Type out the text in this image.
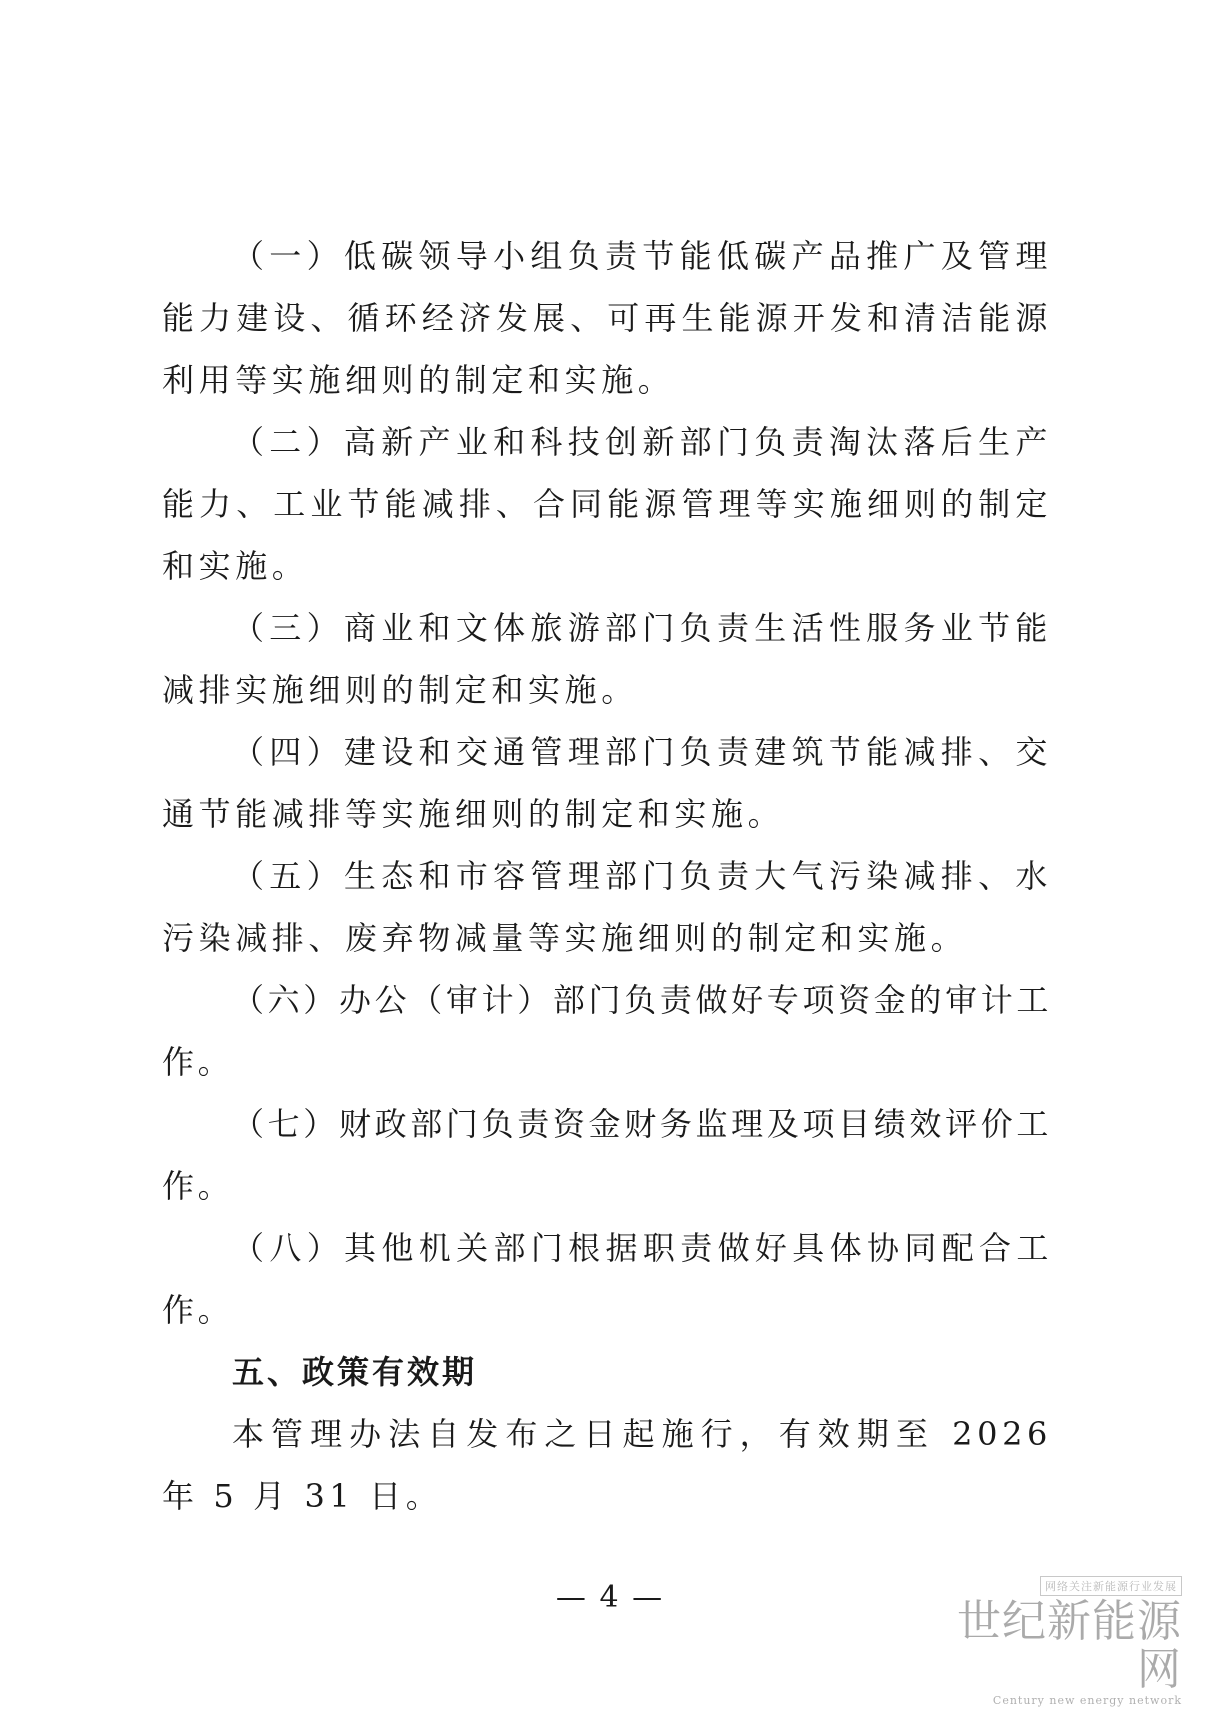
（一）低碳领导小组负责节能低碳产品推广及管理能力建设、循环经济发展、可再生能源开发和清洁能源利用等实施细则的制定和实施。

（二）高新产业和科技创新部门负责淘汰落后生产能力、工业节能减排、合同能源管理等实施细则的制定和实施。

（三）商业和文体旅游部门负责生活性服务业节能减排实施细则的制定和实施。

（四）建设和交通管理部门负责建筑节能减排、交通节能减排等实施细则的制定和实施。

（五）生态和市容管理部门负责大气污染减排、水污染减排、废弃物减量等实施细则的制定和实施。

（六）办公（审计）部门负责做好专项资金的审计工作。

（七）财政部门负责资金财务监理及项目绩效评价工作。

（八）其他机关部门根据职责做好具体协同配合工作。

五、政策有效期

本管理办法自发布之日起施行，有效期至 2026 年 5 月 31 日。

— 4 —	网络关注新能源行业发展
世纪新能源网
Century new energy network
